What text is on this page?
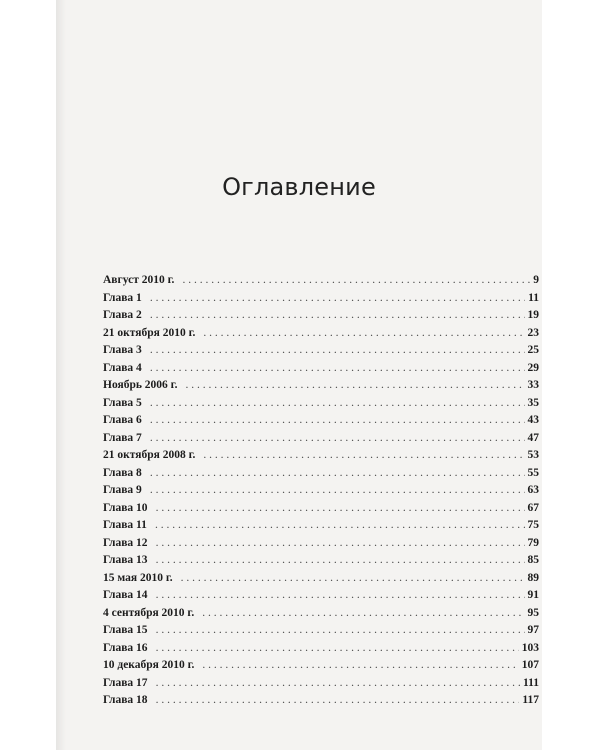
Оглавление
Август 2010 г. . . .	9
Глава 1 . . .	11
Глава 2 . . .	19
21 октября 2010 г. . . .	23
Глава 3 . . .	25
Глава 4 . . .	29
Ноябрь 2006 г. . . .	33
Глава 5 . . .	35
Глава 6 . . .	43
Глава 7 . . .	47
21 октября 2008 г. . . .	53
Глава 8 . . .	55
Глава 9 . . .	63
Глава 10 . . .	67
Глава 11 . . .	75
Глава 12 . . .	79
Глава 13 . . .	85
15 мая 2010 г. . . .	89
Глава 14 . . .	91
4 сентября 2010 г. . . .	95
Глава 15 . . .	97
Глава 16 . . .	103
10 декабря 2010 г. . . .	107
Глава 17 . . .	111
Глава 18 . . .	117
